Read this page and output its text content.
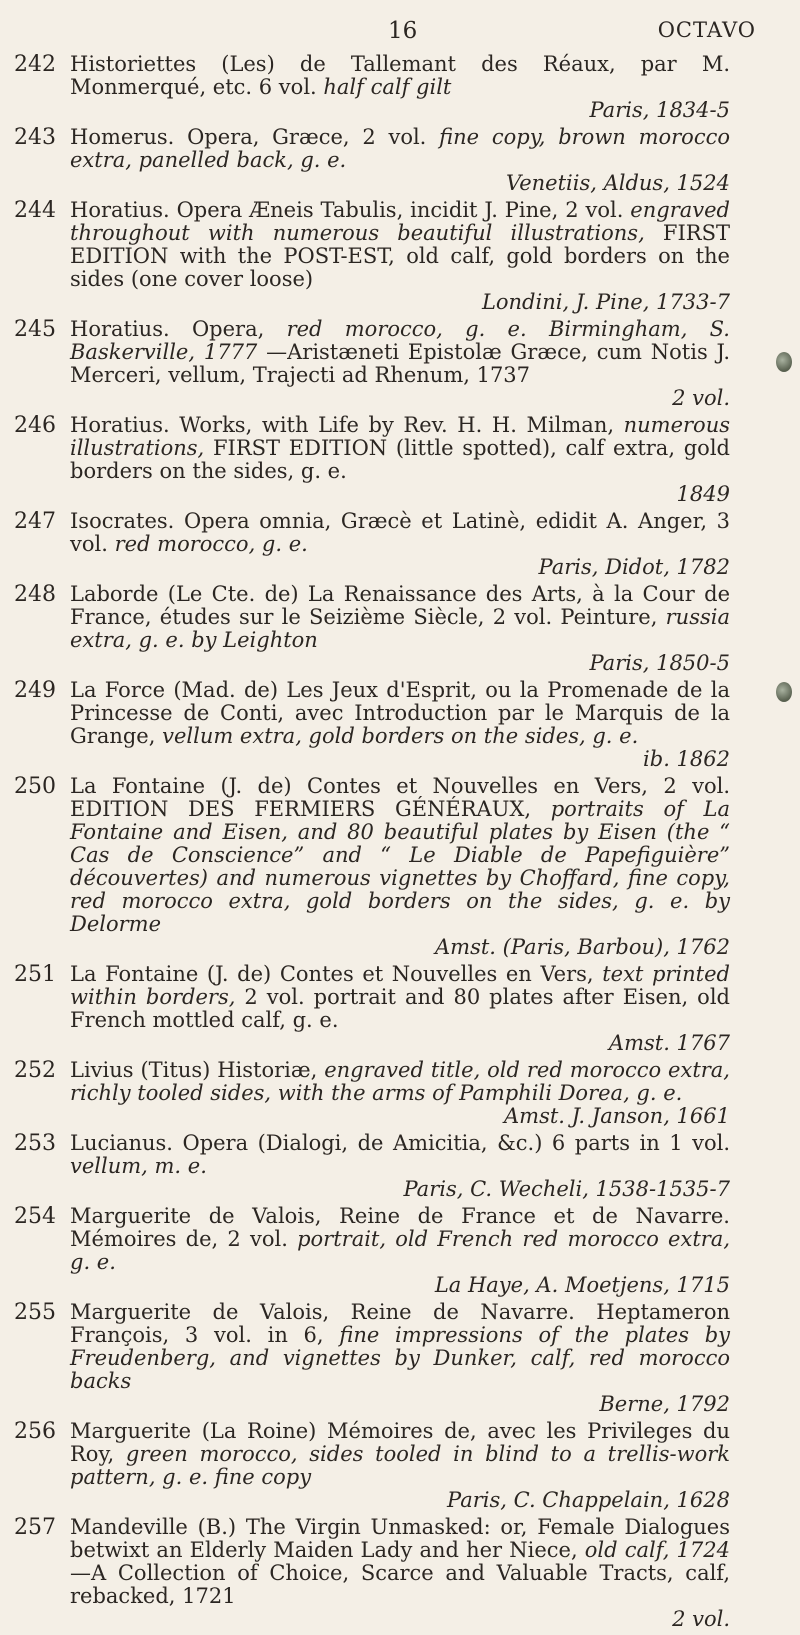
16	OCTAVO
242 Historiettes (Les) de Tallemant des Réaux, par M. Monmerqué, etc. 6 vol. half calf gilt
Paris, 1834-5
243 Homerus. Opera, Græce, 2 vol. fine copy, brown morocco extra, panelled back, g. e.
Venetiis, Aldus, 1524
244 Horatius. Opera Æneis Tabulis, incidit J. Pine, 2 vol. engraved throughout with numerous beautiful illustrations, FIRST EDITION with the POST-EST, old calf, gold borders on the sides (one cover loose)
Londini, J. Pine, 1733-7
245 Horatius. Opera, red morocco, g. e. Birmingham, S. Baskerville, 1777 —Aristæneti Epistolæ Græce, cum Notis J. Merceri, vellum, Trajecti ad Rhenum, 1737
2 vol.
246 Horatius. Works, with Life by Rev. H. H. Milman, numerous illustrations, FIRST EDITION (little spotted), calf extra, gold borders on the sides, g. e.
1849
247 Isocrates. Opera omnia, Græcè et Latinè, edidit A. Anger, 3 vol. red morocco, g. e.
Paris, Didot, 1782
248 Laborde (Le Cte. de) La Renaissance des Arts, à la Cour de France, études sur le Seizième Siècle, 2 vol. Peinture, russia extra, g. e. by Leighton
Paris, 1850-5
249 La Force (Mad. de) Les Jeux d'Esprit, ou la Promenade de la Princesse de Conti, avec Introduction par le Marquis de la Grange, vellum extra, gold borders on the sides, g. e.
ib. 1862
250 La Fontaine (J. de) Contes et Nouvelles en Vers, 2 vol. EDITION DES FERMIERS GÉNÉRAUX, portraits of La Fontaine and Eisen, and 80 beautiful plates by Eisen (the “ Cas de Conscience” and “ Le Diable de Papefiguière” découvertes) and numerous vignettes by Choffard, fine copy, red morocco extra, gold borders on the sides, g. e. by Delorme
Amst. (Paris, Barbou), 1762
251 La Fontaine (J. de) Contes et Nouvelles en Vers, text printed within borders, 2 vol. portrait and 80 plates after Eisen, old French mottled calf, g. e.
Amst. 1767
252 Livius (Titus) Historiæ, engraved title, old red morocco extra, richly tooled sides, with the arms of Pamphili Dorea, g. e.
Amst. J. Janson, 1661
253 Lucianus. Opera (Dialogi, de Amicitia, &c.) 6 parts in 1 vol. vellum, m. e.
Paris, C. Wecheli, 1538-1535-7
254 Marguerite de Valois, Reine de France et de Navarre. Mémoires de, 2 vol. portrait, old French red morocco extra, g. e.
La Haye, A. Moetjens, 1715
255 Marguerite de Valois, Reine de Navarre. Heptameron François, 3 vol. in 6, fine impressions of the plates by Freudenberg, and vignettes by Dunker, calf, red morocco backs
Berne, 1792
256 Marguerite (La Roine) Mémoires de, avec les Privileges du Roy, green morocco, sides tooled in blind to a trellis-work pattern, g. e. fine copy
Paris, C. Chappelain, 1628
257 Mandeville (B.) The Virgin Unmasked: or, Female Dialogues betwixt an Elderly Maiden Lady and her Niece, old calf, 1724 —A Collection of Choice, Scarce and Valuable Tracts, calf, rebacked, 1721
2 vol.
